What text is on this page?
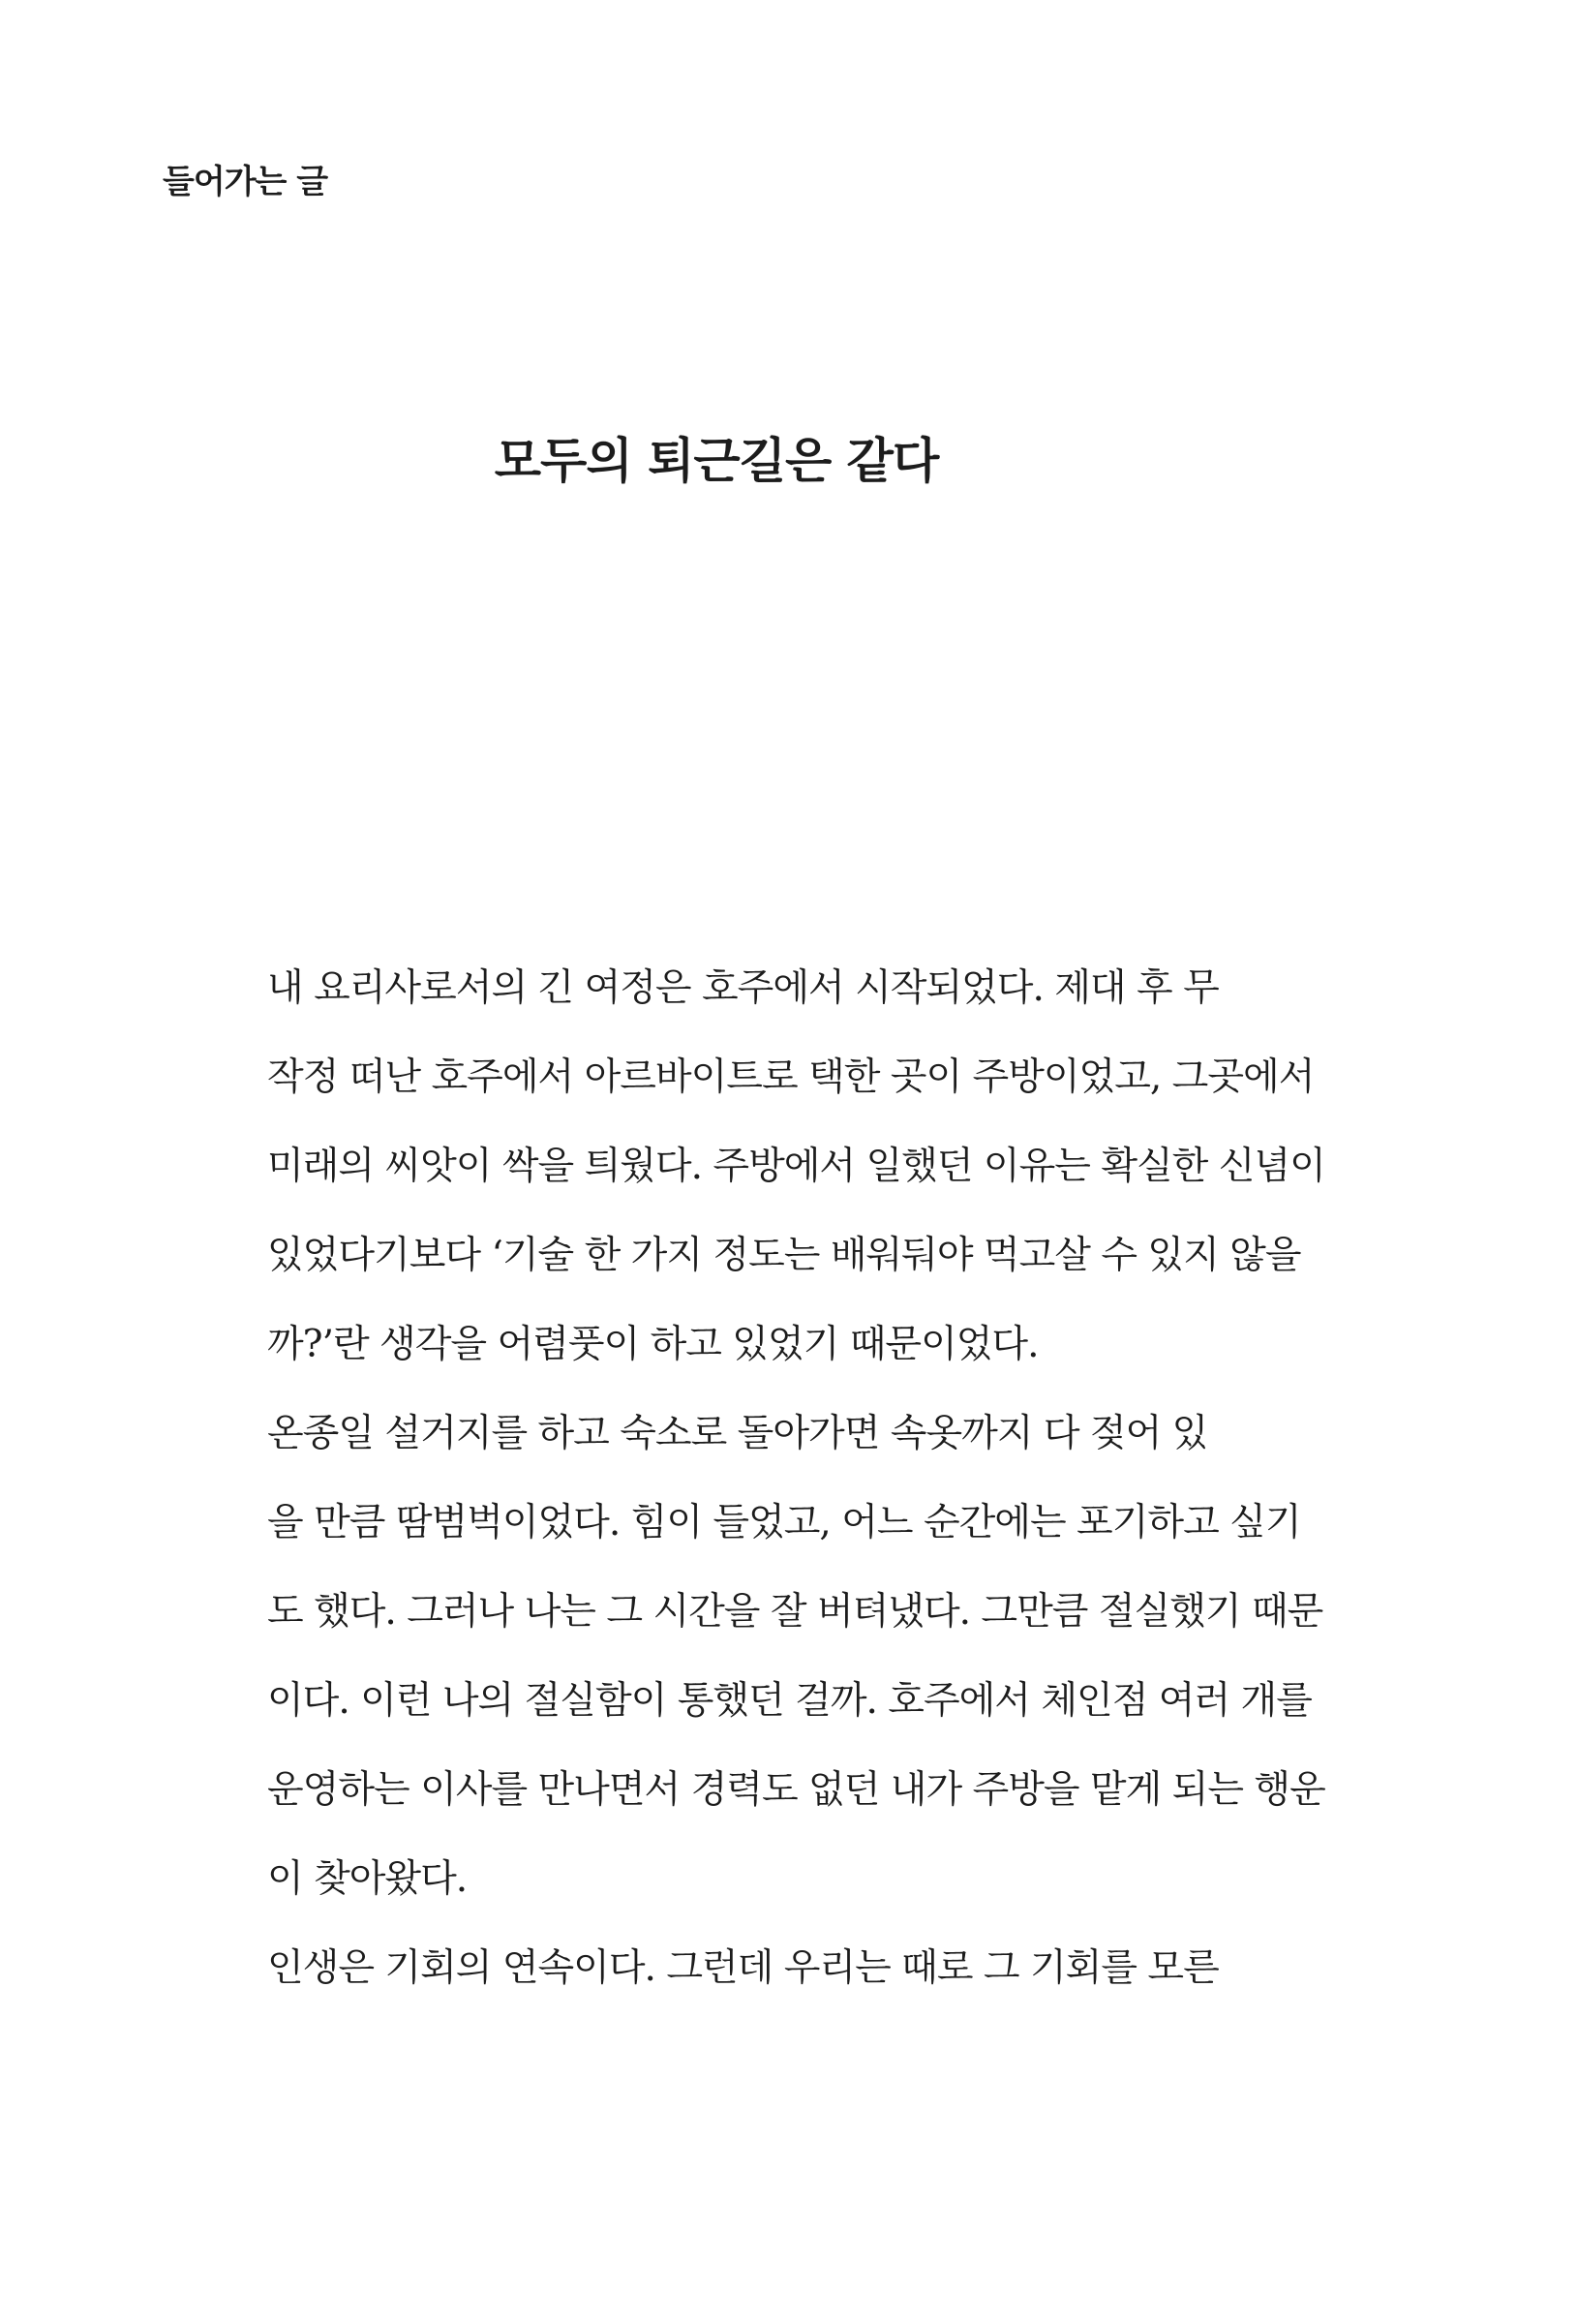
들어가는 글
모두의 퇴근길은 같다

내 요리사로서의 긴 여정은 호주에서 시작되었다. 제대 후 무
작정 떠난 호주에서 아르바이트로 택한 곳이 주방이었고, 그곳에서
미래의 씨앗이 싹을 틔웠다. 주방에서 일했던 이유는 확실한 신념이
있었다기보다 ‘기술 한 가지 정도는 배워둬야 먹고살 수 있지 않을
까?’란 생각을 어렴풋이 하고 있었기 때문이었다.

온종일 설거지를 하고 숙소로 돌아가면 속옷까지 다 젖어 있
을 만큼 땀범벅이었다. 힘이 들었고, 어느 순간에는 포기하고 싶기
도 했다. 그러나 나는 그 시간을 잘 버텨냈다. 그만큼 절실했기 때문
이다. 이런 나의 절실함이 통했던 걸까. 호주에서 체인점 여러 개를
운영하는 이사를 만나면서 경력도 없던 내가 주방을 맡게 되는 행운
이 찾아왔다.

인생은 기회의 연속이다. 그런데 우리는 때로 그 기회를 모른
